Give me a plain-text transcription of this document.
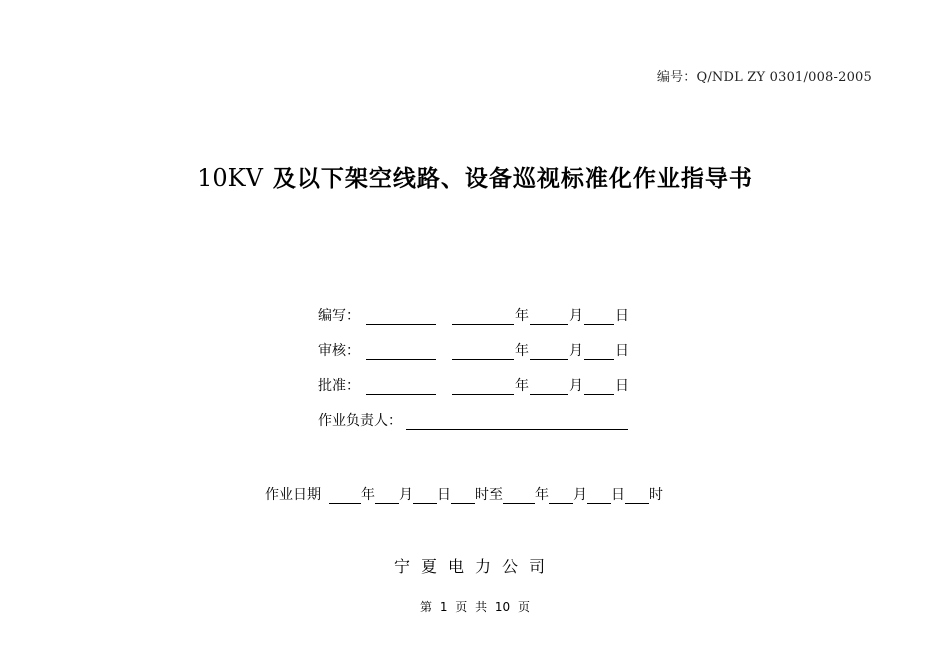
编号：Q/NDL ZY 0301/008-2005
10KV 及以下架空线路、设备巡视标准化作业指导书
编写：	年	月 日
审核：	年	月 日
批准：	年	月 日
作业负责人：
作业日期	年 月 日 时至 年 月 日 时
宁夏电力公司
第 1 页 共 10 页
